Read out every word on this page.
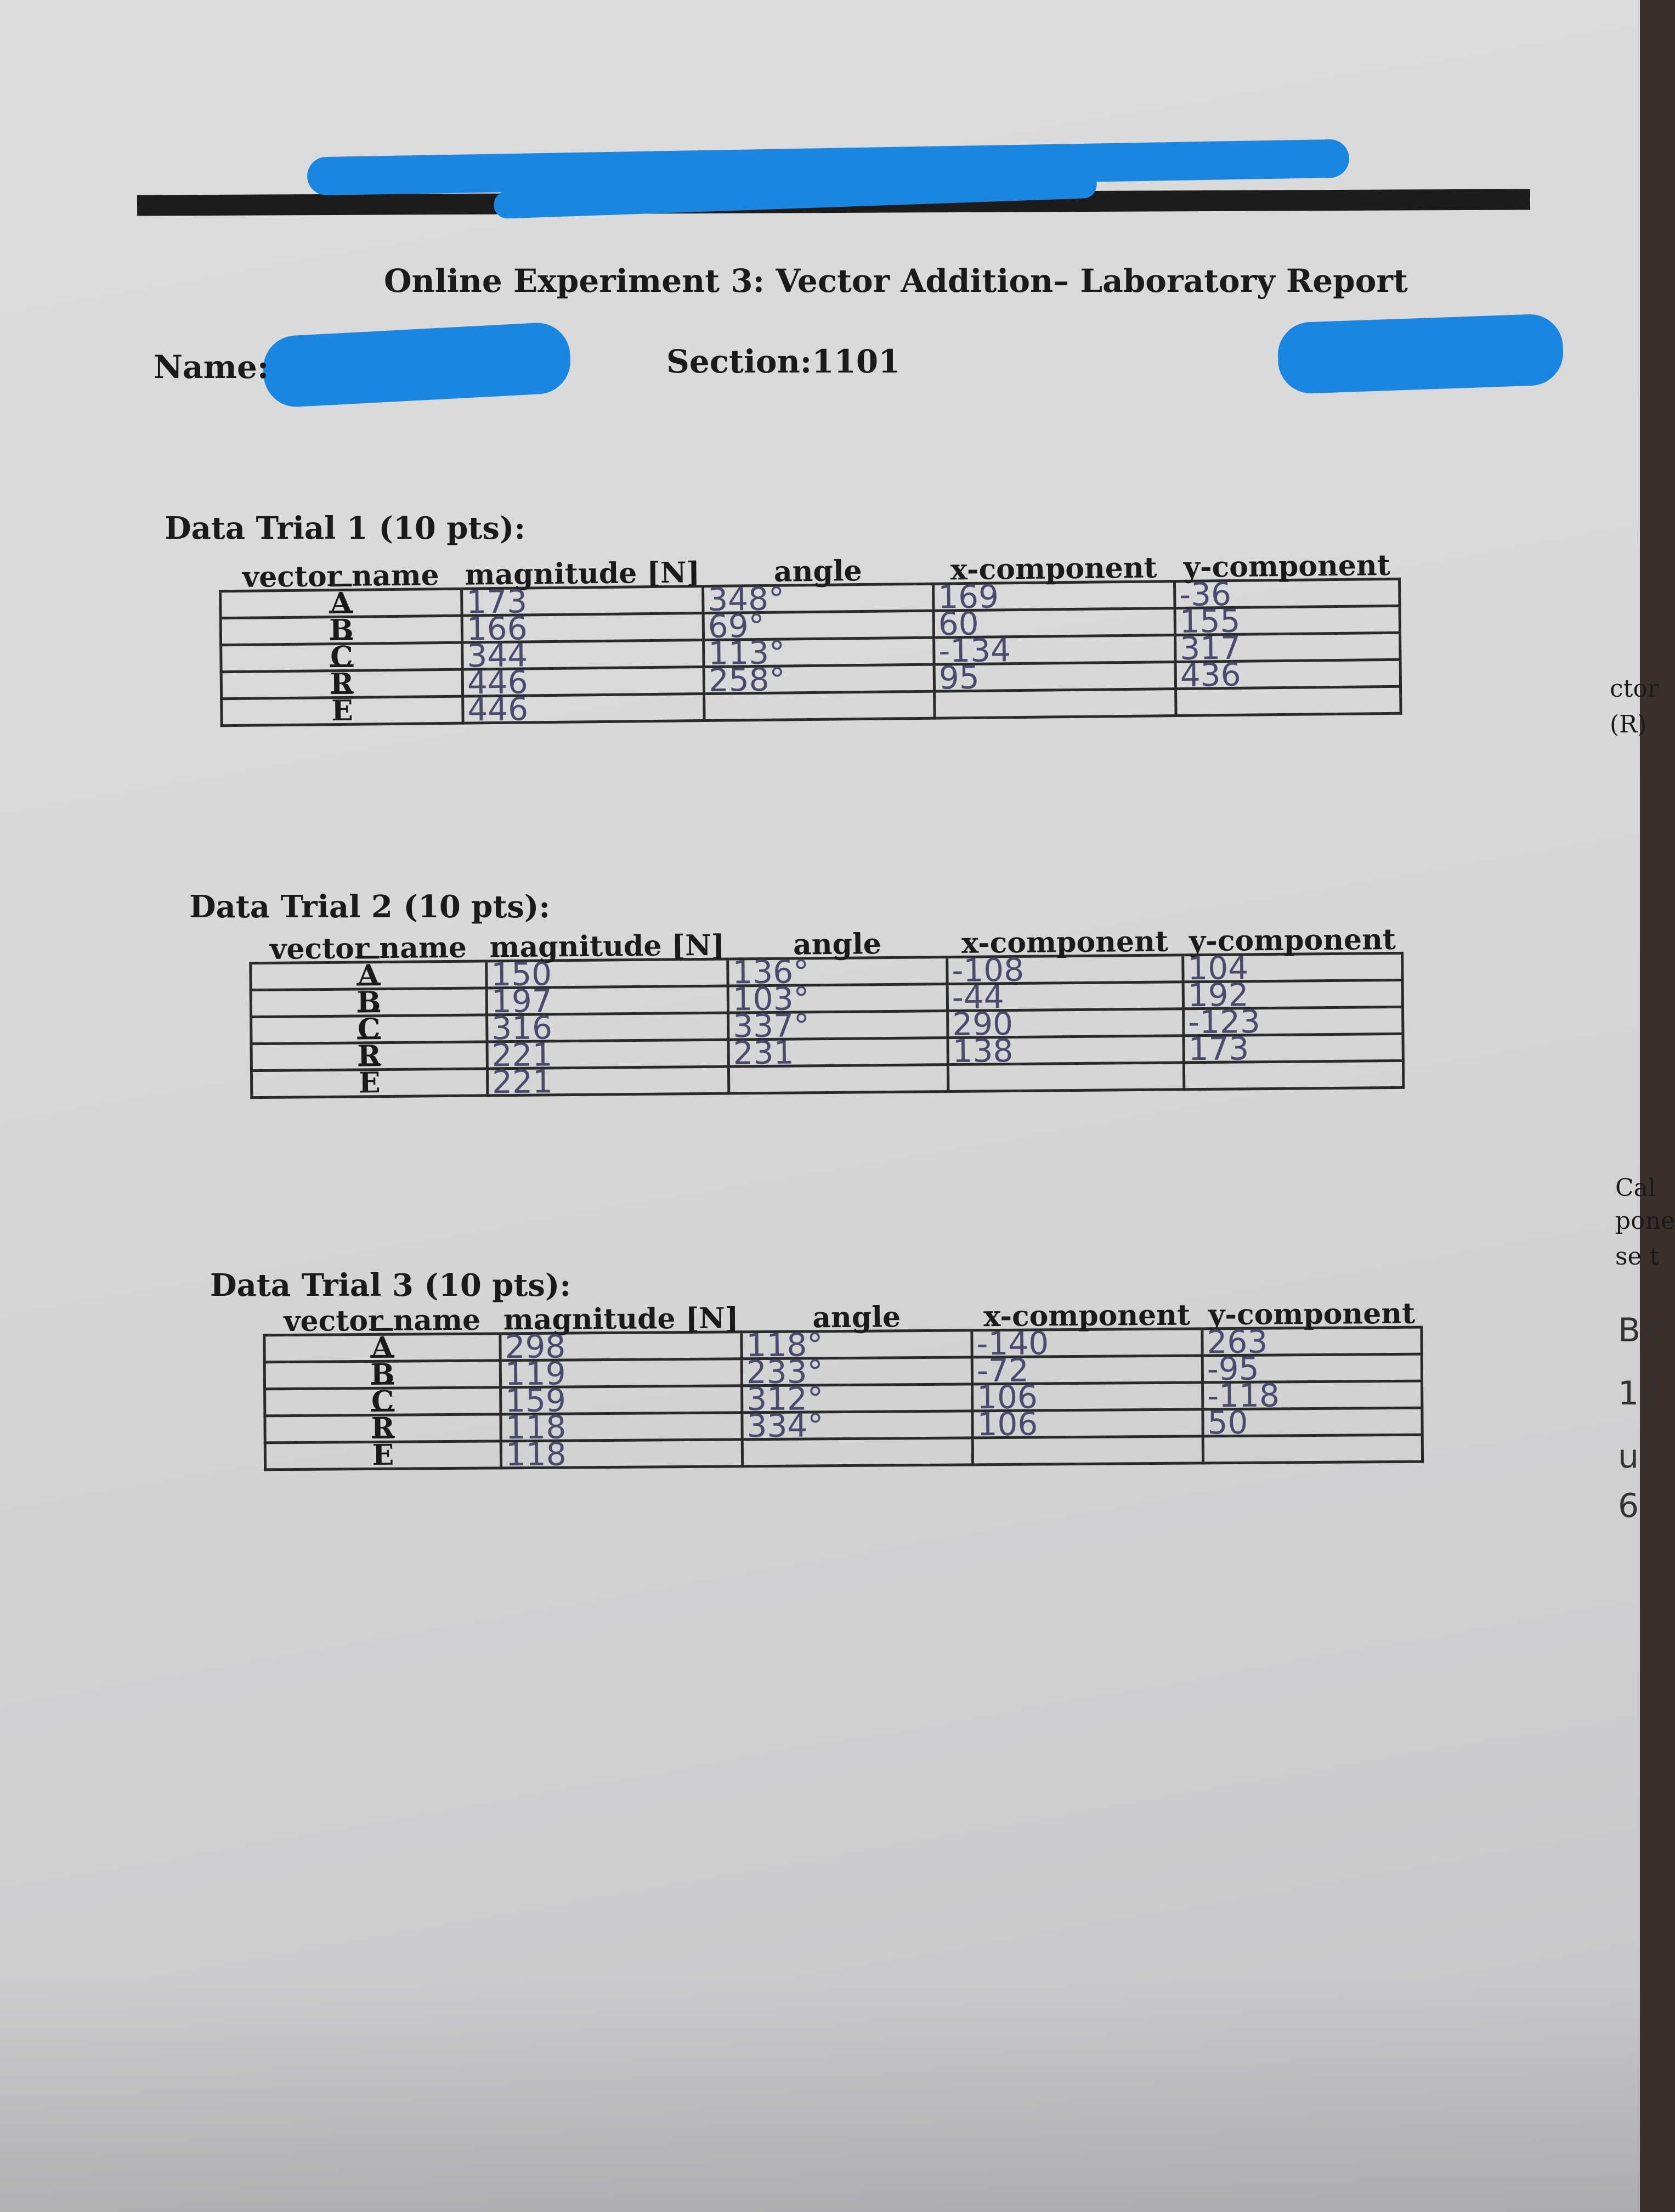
Online Experiment 3: Vector Addition– Laboratory Report
Name:	Section:1101
Data Trial 1 (10 pts):
vector name	magnitude [N]	angle	x-component	y-component
$\overline{A}$	173	348°	169	-36
$\overline{B}$	166	69°	60	155
$\overline{C}$	344	113°	-134	317
$\overline{R}$	446	258°	95	436
$\overline{E}$	446			
Data Trial 2 (10 pts):
vector name	magnitude [N]	angle	x-component	y-component
$\overline{A}$	150	136°	-108	104
$\overline{B}$	197	103°	-44	192
$\overline{C}$	316	337°	290	-123
$\overline{R}$	221	231	138	173
$\overline{E}$	221			
Data Trial 3 (10 pts):
vector name	magnitude [N]	angle	x-component	y-component
$\overline{A}$	298	118°	-140	263
$\overline{B}$	119	233°	-72	-95
$\overline{C}$	159	312°	106	-118
$\overline{R}$	118	334°	106	50
$\overline{E}$	118			
ctor
(R)
Cal
pone
se t
Bx
12
ui
6
